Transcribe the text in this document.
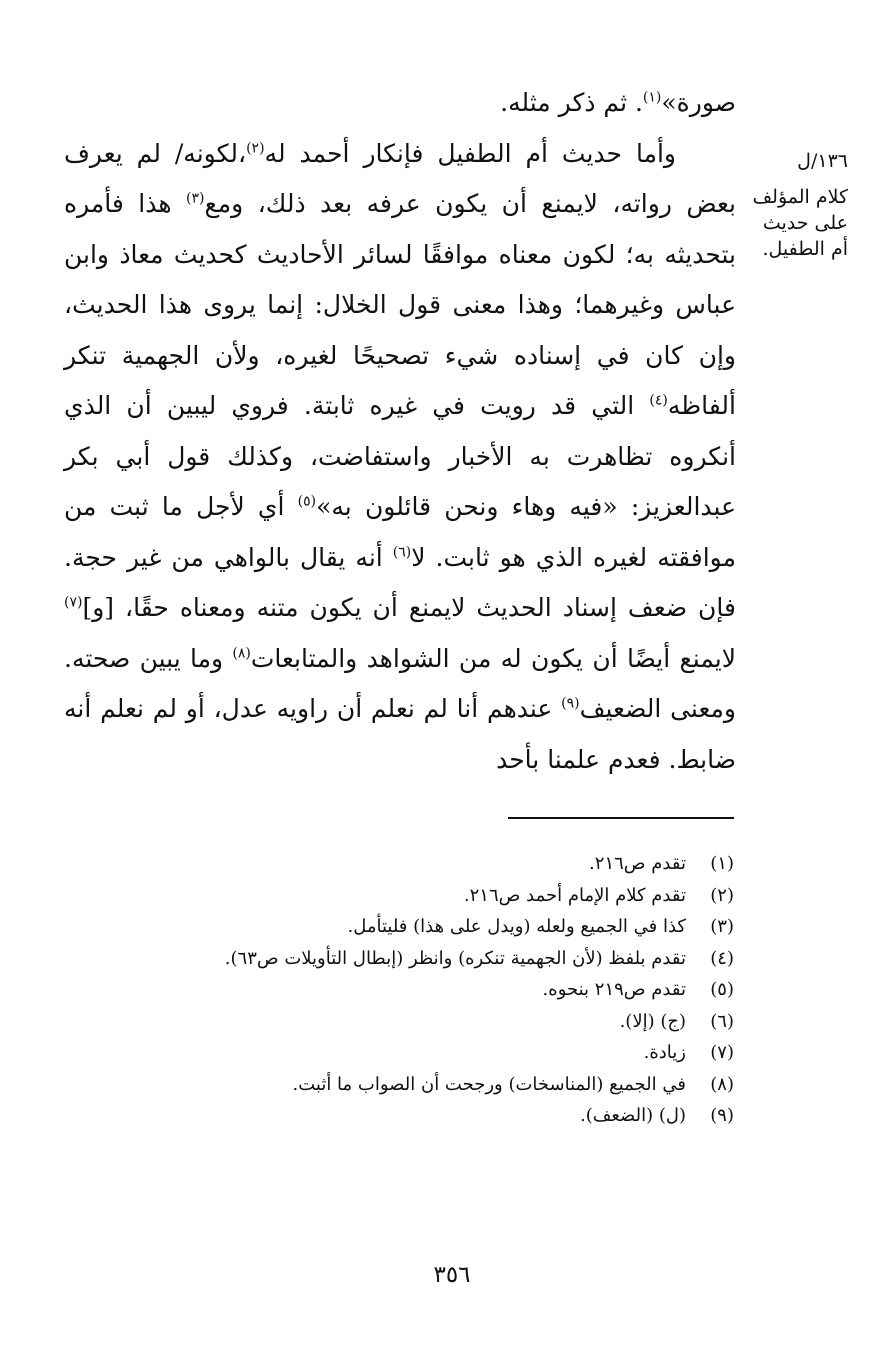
١٣٦/ل
كلام المؤلف على حديث أم الطفيل.

صورة»$^{(١)}$. ثم ذكر مثله.

وأما حديث أم الطفيل فإنكار أحمد له$^{(٢)}$،لكونه/ لم يعرف بعض رواته، لايمنع أن يكون عرفه بعد ذلك، ومع$^{(٣)}$ هذا فأمره بتحديثه به؛ لكون معناه موافقًا لسائر الأحاديث كحديث معاذ وابن عباس وغيرهما؛ وهذا معنى قول الخلال: إنما يروى هذا الحديث، وإن كان في إسناده شيء تصحيحًا لغيره، ولأن الجهمية تنكر ألفاظه$^{(٤)}$ التي قد رويت في غيره ثابتة. فروي ليبين أن الذي أنكروه تظاهرت به الأخبار واستفاضت، وكذلك قول أبي بكر عبدالعزيز: «فيه وهاء ونحن قائلون به»$^{(٥)}$ أي لأجل ما ثبت من موافقته لغيره الذي هو ثابت. لا$^{(٦)}$ أنه يقال بالواهي من غير حجة. فإن ضعف إسناد الحديث لايمنع أن يكون متنه ومعناه حقًا، [و]$^{(٧)}$ لايمنع أيضًا أن يكون له من الشواهد والمتابعات$^{(٨)}$ وما يبين صحته. ومعنى الضعيف$^{(٩)}$ عندهم أنا لم نعلم أن راويه عدل، أو لم نعلم أنه ضابط. فعدم علمنا بأحد

(١)
تقدم ص٢١٦.
(٢)
تقدم كلام الإمام أحمد ص٢١٦.
(٣)
كذا في الجميع ولعله (ويدل على هذا) فليتأمل.
(٤)
تقدم بلفظ (لأن الجهمية تنكره) وانظر (إبطال التأويلات ص٦٣).
(٥)
تقدم ص٢١٩ بنحوه.
(٦)
(ج) (إلا).
(٧)
زيادة.
(٨)
في الجميع (المناسخات) ورجحت أن الصواب ما أثبت.
(٩)
(ل) (الضعف).
٣٥٦
